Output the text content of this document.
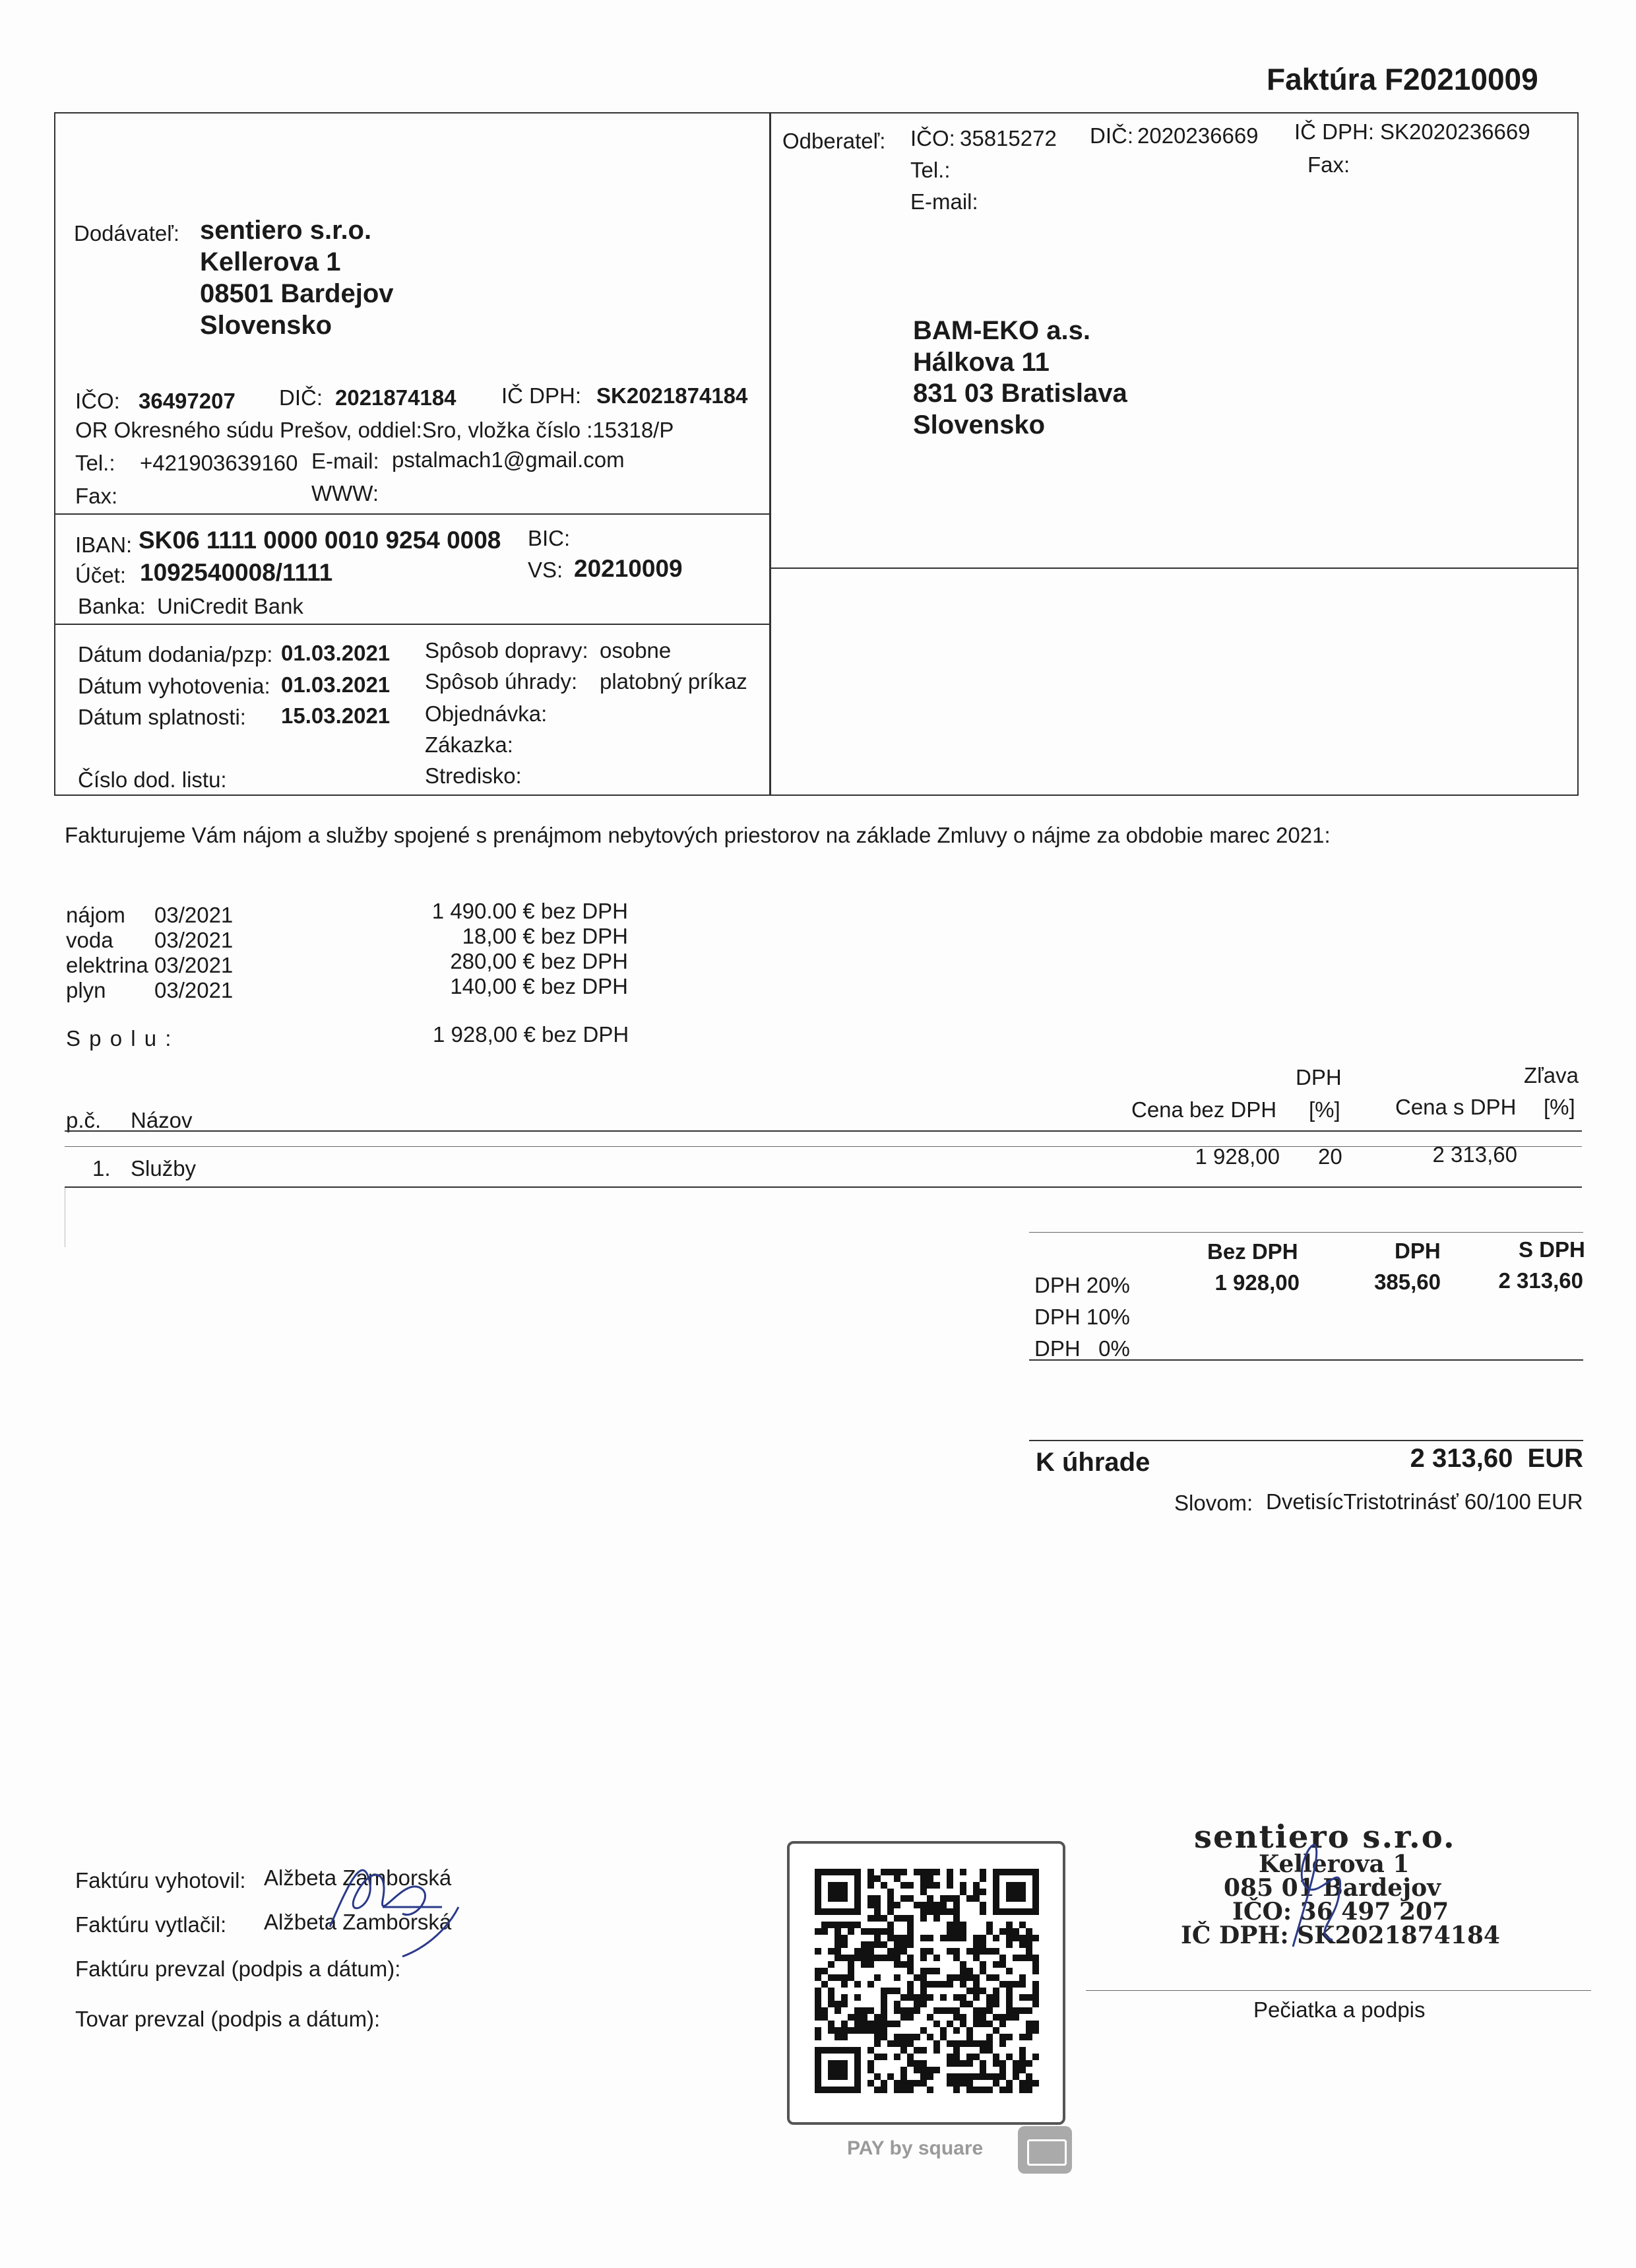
Faktúra F20210009
Dodávateľ: sentiero s.r.o.
Kellerova 1
08501 Bardejov
Slovensko
IČO: 36497207 DIČ: 2021874184 IČ DPH: SK2021874184
OR Okresného súdu Prešov, oddiel:Sro, vložka číslo :15318/P
Tel.: +421903639160 E-mail: pstalmach1@gmail.com
Fax:	WWW:
IBAN: SK06 1111 0000 0010 9254 0008 BIC:
Účet: 1092540008/1111	VS: 20210009
Banka: UniCredit Bank
Dátum dodania/pzp: 01.03.2021
Dátum vyhotovenia: 01.03.2021
Dátum splatnosti: 15.03.2021
Číslo dod. listu:
Spôsob dopravy: osobne
Spôsob úhrady: platobný príkaz
Objednávka:
Zákazka:
Stredisko:
Odberateľ: IČO: 35815272 DIČ: 2020236669 IČ DPH: SK2020236669
Tel.:	Fax:
E-mail:
BAM-EKO a.s.
Hálkova 11
831 03 Bratislava
Slovensko
Fakturujeme Vám nájom a služby spojené s prenájmom nebytových priestorov na základe Zmluvy o nájme za obdobie marec 2021:
nájom 03/2021	1 490.00 € bez DPH
voda 03/2021	18,00 € bez DPH
elektrina 03/2021	280,00 € bez DPH
plyn 03/2021	140,00 € bez DPH
S p o l u :	1 928,00 € bez DPH
DPH	Zľava
p.č. Názov	Cena bez DPH [%]	Cena s DPH [%]
1. Služby	1 928,00 20	2 313,60
Bez DPH	DPH	S DPH
DPH 20%	1 928,00	385,60	2 313,60
DPH 10%
DPH   0%
K úhrade	2 313,60  EUR
Slovom: DvetisícTristotrinásť 60/100 EUR
Faktúru vyhotovil: Alžbeta Zamborská
Faktúru vytlačil: Alžbeta Zamborská
Faktúru prevzal (podpis a dátum):
Tovar prevzal (podpis a dátum):
PAY by square
sentiero s.r.o.
Kellerova 1
085 01 Bardejov
IČO: 36 497 207
IČ DPH: SK2021874184
Pečiatka a podpis
